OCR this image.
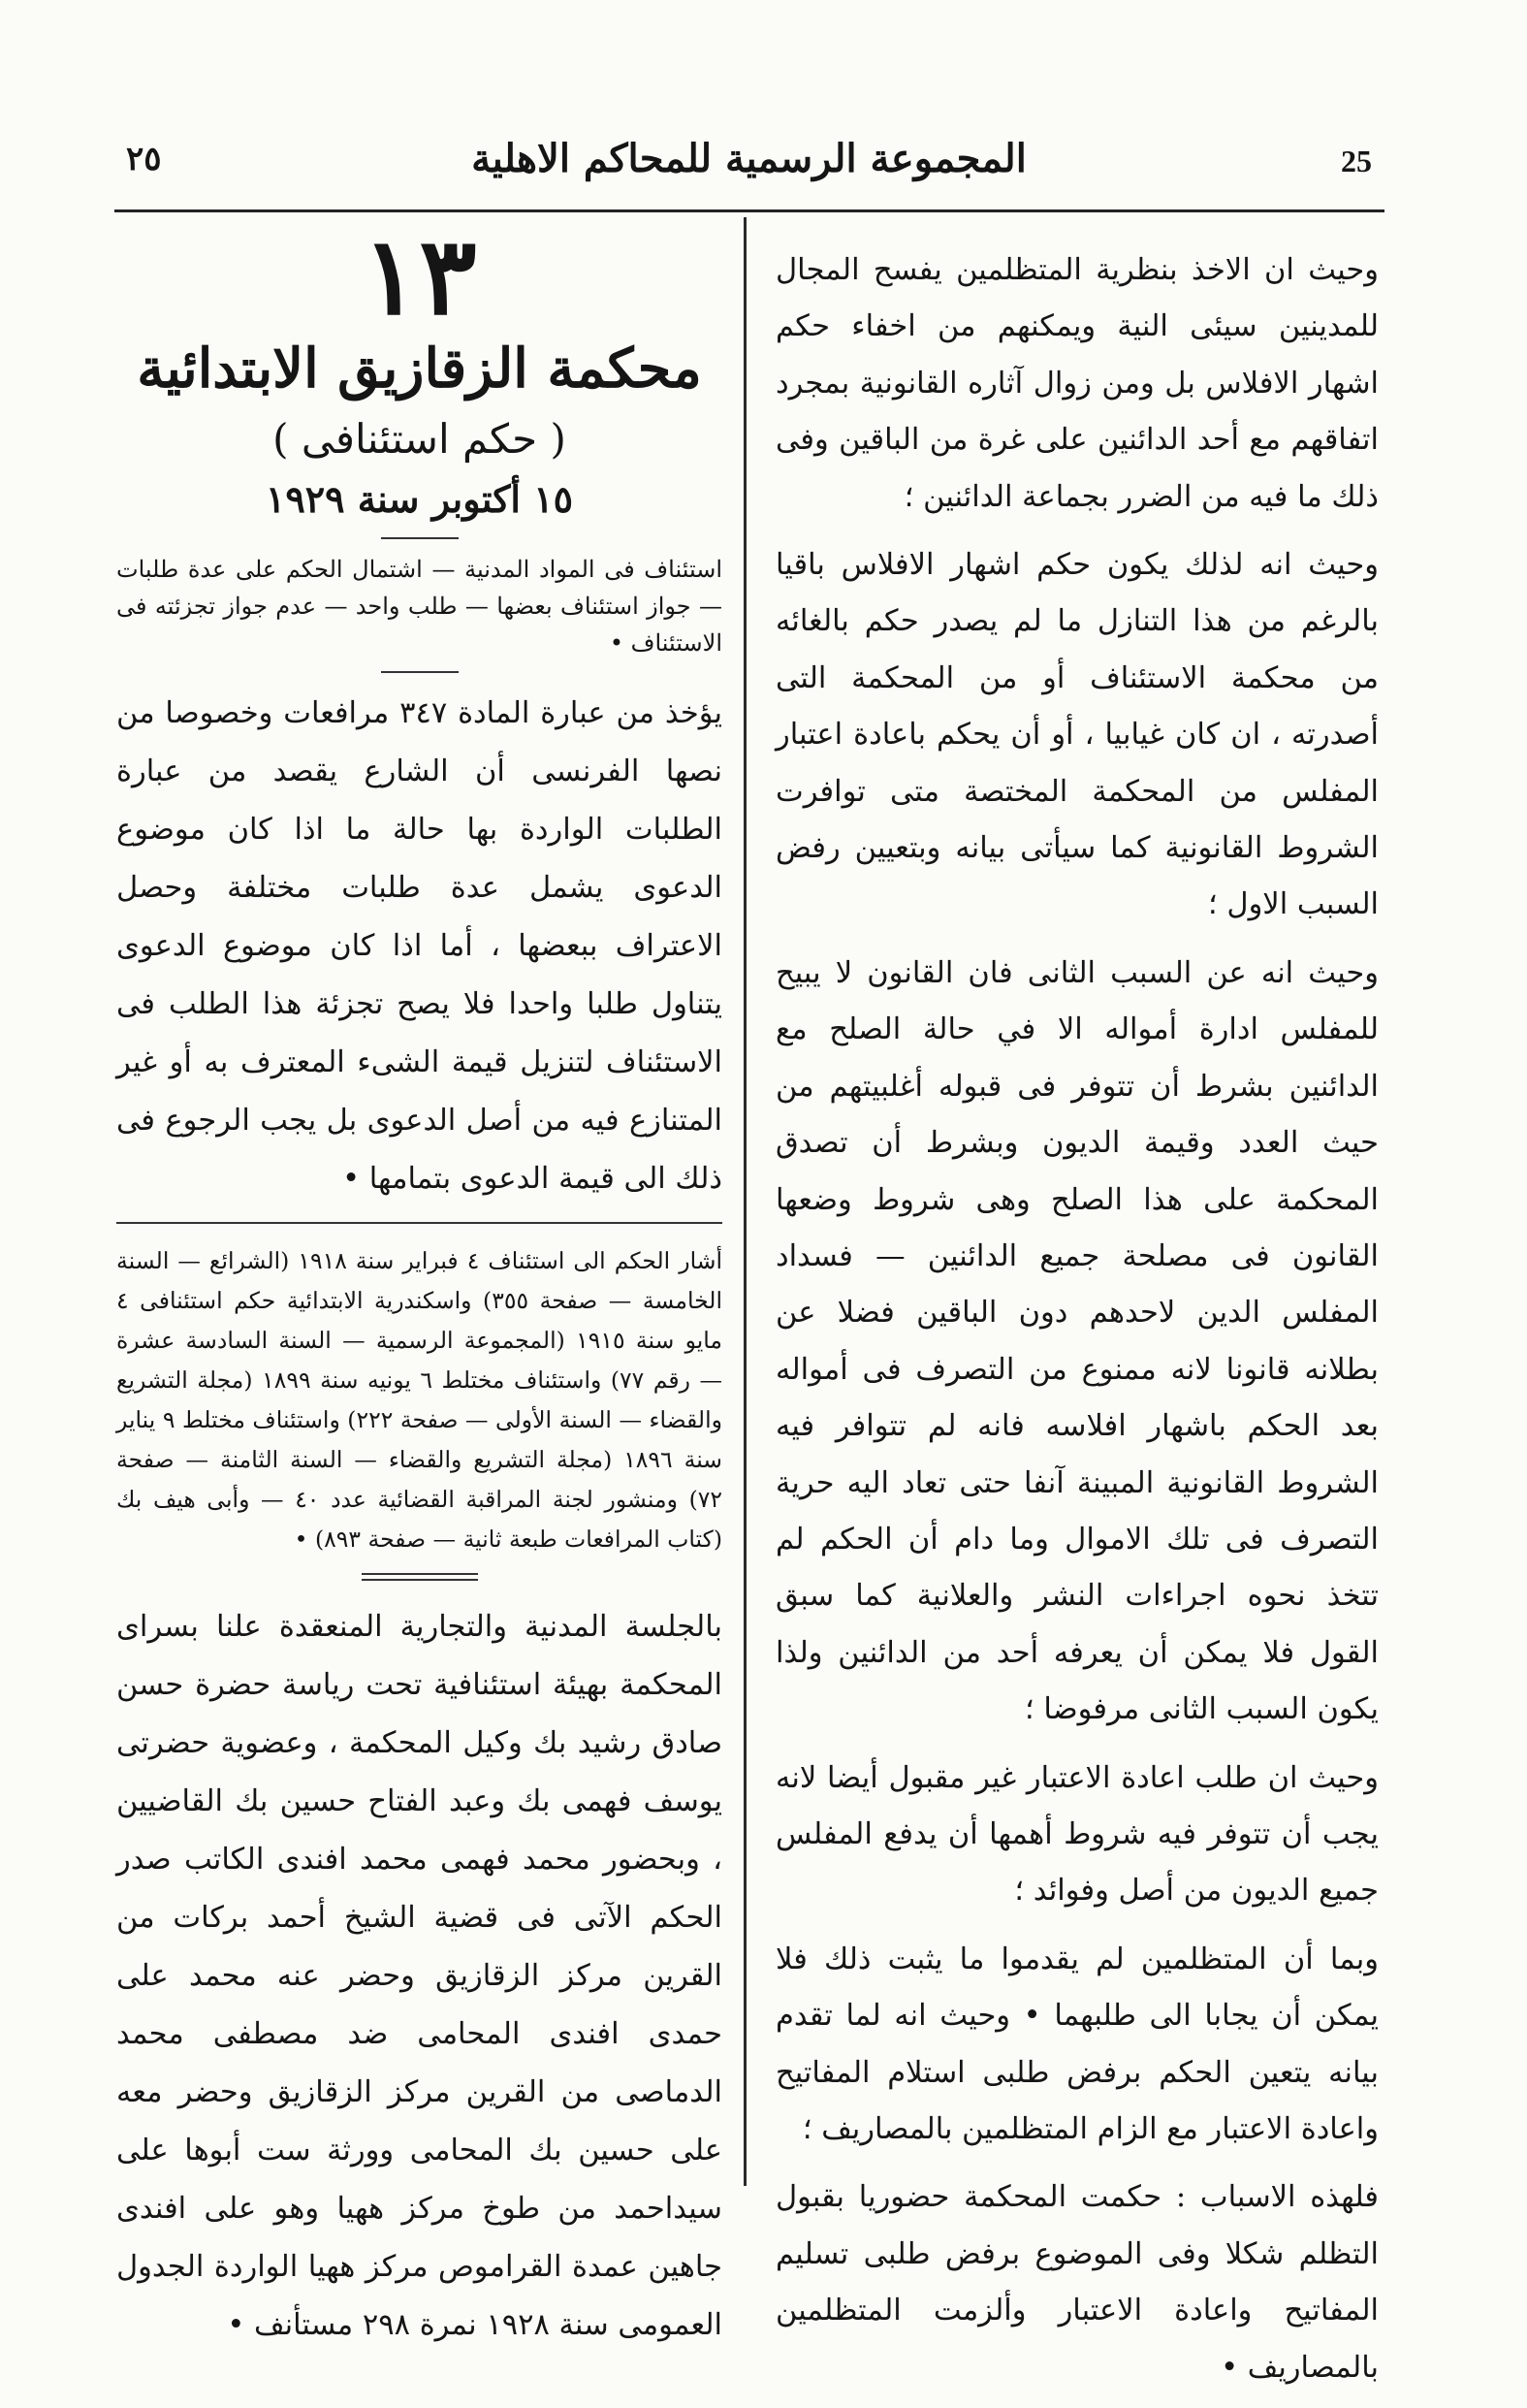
٢٥	المجموعة الرسمية للمحاكم الاهلية	25

وحيث ان الاخذ بنظرية المتظلمين يفسح المجال للمدينين سيئى النية ويمكنهم من اخفاء حكم اشهار الافلاس بل ومن زوال آثاره القانونية بمجرد اتفاقهم مع أحد الدائنين على غرة من الباقين وفى ذلك ما فيه من الضرر بجماعة الدائنين ؛

وحيث انه لذلك يكون حكم اشهار الافلاس باقيا بالرغم من هذا التنازل ما لم يصدر حكم بالغائه من محكمة الاستئناف أو من المحكمة التى أصدرته ، ان كان غيابيا ، أو أن يحكم باعادة اعتبار المفلس من المحكمة المختصة متى توافرت الشروط القانونية كما سيأتى بيانه وبتعيين رفض السبب الاول ؛

وحيث انه عن السبب الثانى فان القانون لا يبيح للمفلس ادارة أمواله الا في حالة الصلح مع الدائنين بشرط أن تتوفر فى قبوله أغلبيتهم من حيث العدد وقيمة الديون وبشرط أن تصدق المحكمة على هذا الصلح وهى شروط وضعها القانون فى مصلحة جميع الدائنين — فسداد المفلس الدين لاحدهم دون الباقين فضلا عن بطلانه قانونا لانه ممنوع من التصرف فى أمواله بعد الحكم باشهار افلاسه فانه لم تتوافر فيه الشروط القانونية المبينة آنفا حتى تعاد اليه حرية التصرف فى تلك الاموال وما دام أن الحكم لم تتخذ نحوه اجراءات النشر والعلانية كما سبق القول فلا يمكن أن يعرفه أحد من الدائنين ولذا يكون السبب الثانى مرفوضا ؛

وحيث ان طلب اعادة الاعتبار غير مقبول أيضا لانه يجب أن تتوفر فيه شروط أهمها أن يدفع المفلس جميع الديون من أصل وفوائد ؛

وبما أن المتظلمين لم يقدموا ما يثبت ذلك فلا يمكن أن يجابا الى طلبهما • وحيث انه لما تقدم بيانه يتعين الحكم برفض طلبى استلام المفاتيح واعادة الاعتبار مع الزام المتظلمين بالمصاريف ؛

فلهذه الاسباب : حكمت المحكمة حضوريا بقبول التظلم شكلا وفى الموضوع برفض طلبى تسليم المفاتيح واعادة الاعتبار وألزمت المتظلمين بالمصاريف •

١٣
محكمة الزقازيق الابتدائية
( حكم استئنافى )
١٥ أكتوبر سنة ١٩٢٩

استئناف فى المواد المدنية — اشتمال الحكم على عدة طلبات — جواز استئناف بعضها — طلب واحد — عدم جواز تجزئته فى الاستئناف •

يؤخذ من عبارة المادة ٣٤٧ مرافعات وخصوصا من نصها الفرنسى أن الشارع يقصد من عبارة الطلبات الواردة بها حالة ما اذا كان موضوع الدعوى يشمل عدة طلبات مختلفة وحصل الاعتراف ببعضها ، أما اذا كان موضوع الدعوى يتناول طلبا واحدا فلا يصح تجزئة هذا الطلب فى الاستئناف لتنزيل قيمة الشىء المعترف به أو غير المتنازع فيه من أصل الدعوى بل يجب الرجوع فى ذلك الى قيمة الدعوى بتمامها •

أشار الحكم الى استئناف ٤ فبراير سنة ١٩١٨ (الشرائع — السنة الخامسة — صفحة ٣٥٥) واسكندرية الابتدائية حكم استئنافى ٤ مايو سنة ١٩١٥ (المجموعة الرسمية — السنة السادسة عشرة — رقم ٧٧) واستئناف مختلط ٦ يونيه سنة ١٨٩٩ (مجلة التشريع والقضاء — السنة الأولى — صفحة ٢٢٢) واستئناف مختلط ٩ يناير سنة ١٨٩٦ (مجلة التشريع والقضاء — السنة الثامنة — صفحة ٧٢) ومنشور لجنة المراقبة القضائية عدد ٤٠ — وأبى هيف بك (كتاب المرافعات طبعة ثانية — صفحة ٨٩٣) •

بالجلسة المدنية والتجارية المنعقدة علنا بسراى المحكمة بهيئة استئنافية تحت رياسة حضرة حسن صادق رشيد بك وكيل المحكمة ، وعضوية حضرتى يوسف فهمى بك وعبد الفتاح حسين بك القاضيين ، وبحضور محمد فهمى محمد افندى الكاتب صدر الحكم الآتى فى قضية الشيخ أحمد بركات من القرين مركز الزقازيق وحضر عنه محمد على حمدى افندى المحامى ضد مصطفى محمد الدماصى من القرين مركز الزقازيق وحضر معه على حسين بك المحامى وورثة ست أبوها على سيداحمد من طوخ مركز ههيا وهو على افندى جاهين عمدة القراموص مركز ههيا الواردة الجدول العمومى سنة ١٩٢٨ نمرة ٢٩٨ مستأنف •
